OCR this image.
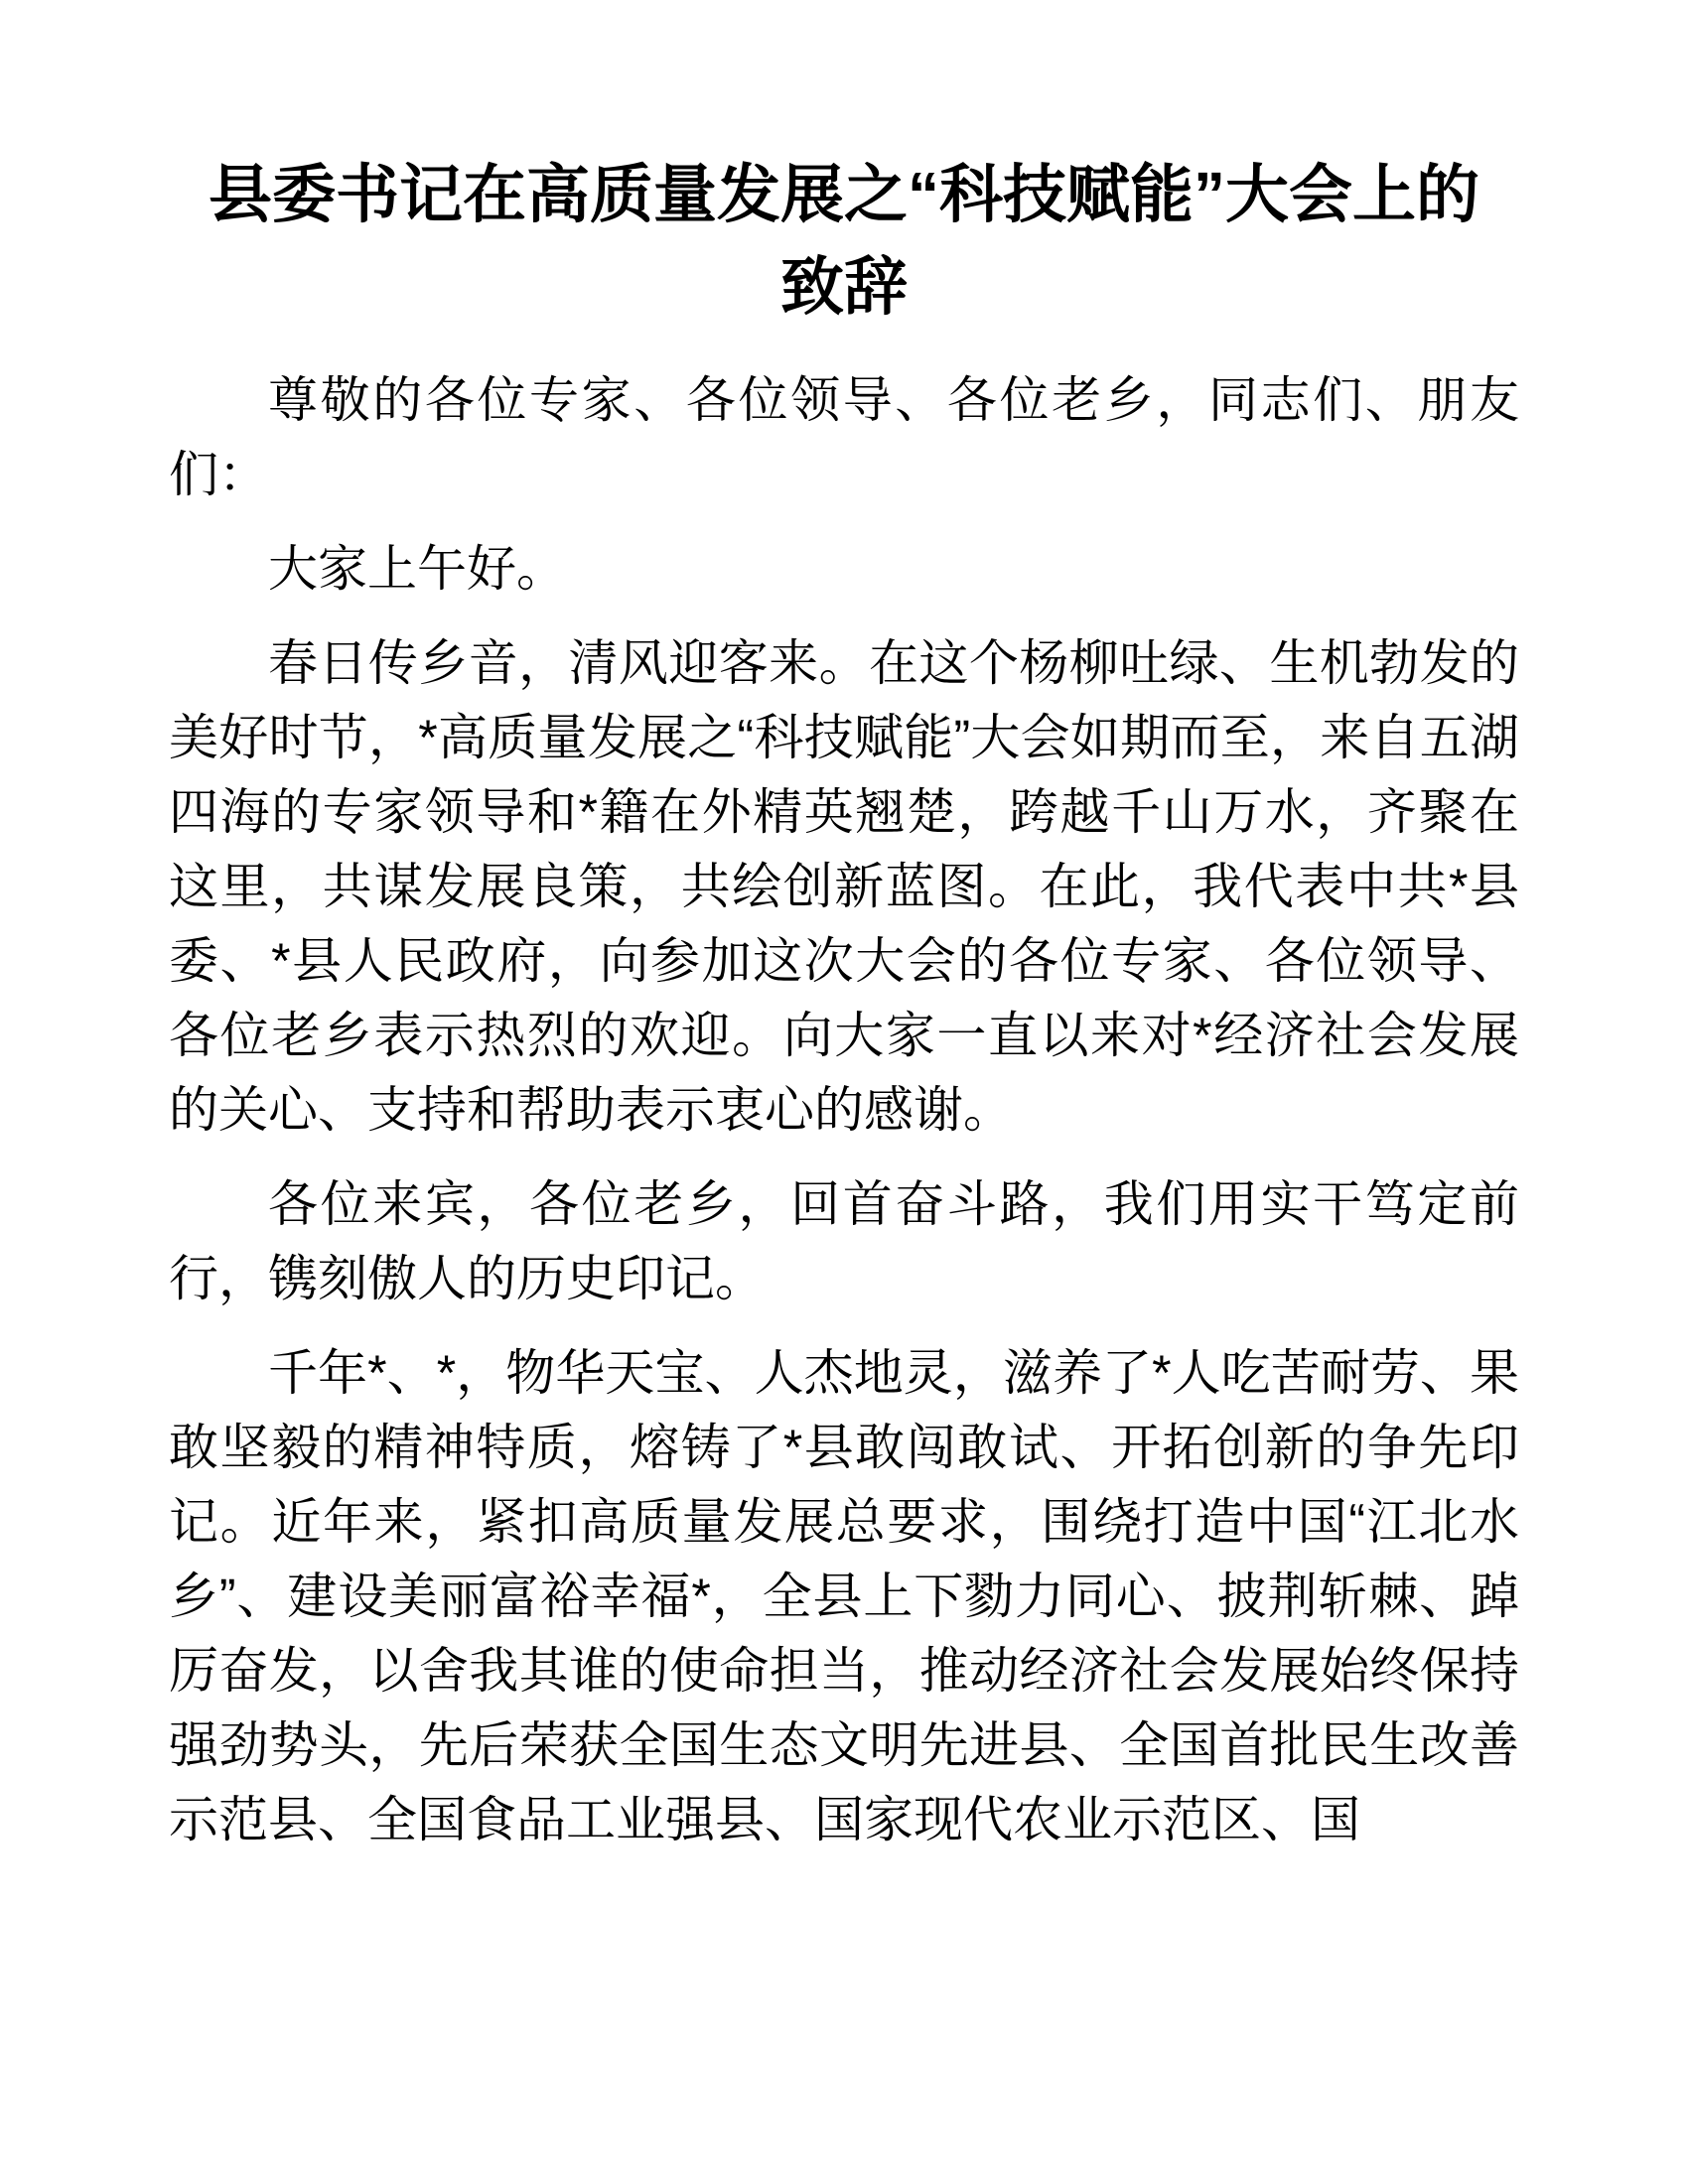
县委书记在高质量发展之“科技赋能”大会上的致辞

尊敬的各位专家、各位领导、各位老乡，同志们、朋友们：

大家上午好。

春日传乡音，清风迎客来。在这个杨柳吐绿、生机勃发的美好时节，*高质量发展之“科技赋能”大会如期而至，来自五湖四海的专家领导和*籍在外精英翘楚，跨越千山万水，齐聚在这里，共谋发展良策，共绘创新蓝图。在此，我代表中共*县委、*县人民政府，向参加这次大会的各位专家、各位领导、各位老乡表示热烈的欢迎。向大家一直以来对*经济社会发展的关心、支持和帮助表示衷心的感谢。

各位来宾，各位老乡，回首奋斗路，我们用实干笃定前行，镌刻傲人的历史印记。

千年*、*，物华天宝、人杰地灵，滋养了*人吃苦耐劳、果敢坚毅的精神特质，熔铸了*县敢闯敢试、开拓创新的争先印记。近年来，紧扣高质量发展总要求，围绕打造中国“江北水乡”、建设美丽富裕幸福*，全县上下勠力同心、披荆斩棘、踔厉奋发，以舍我其谁的使命担当，推动经济社会发展始终保持强劲势头，先后荣获全国生态文明先进县、全国首批民生改善示范县、全国食品工业强县、国家现代农业示范区、国
